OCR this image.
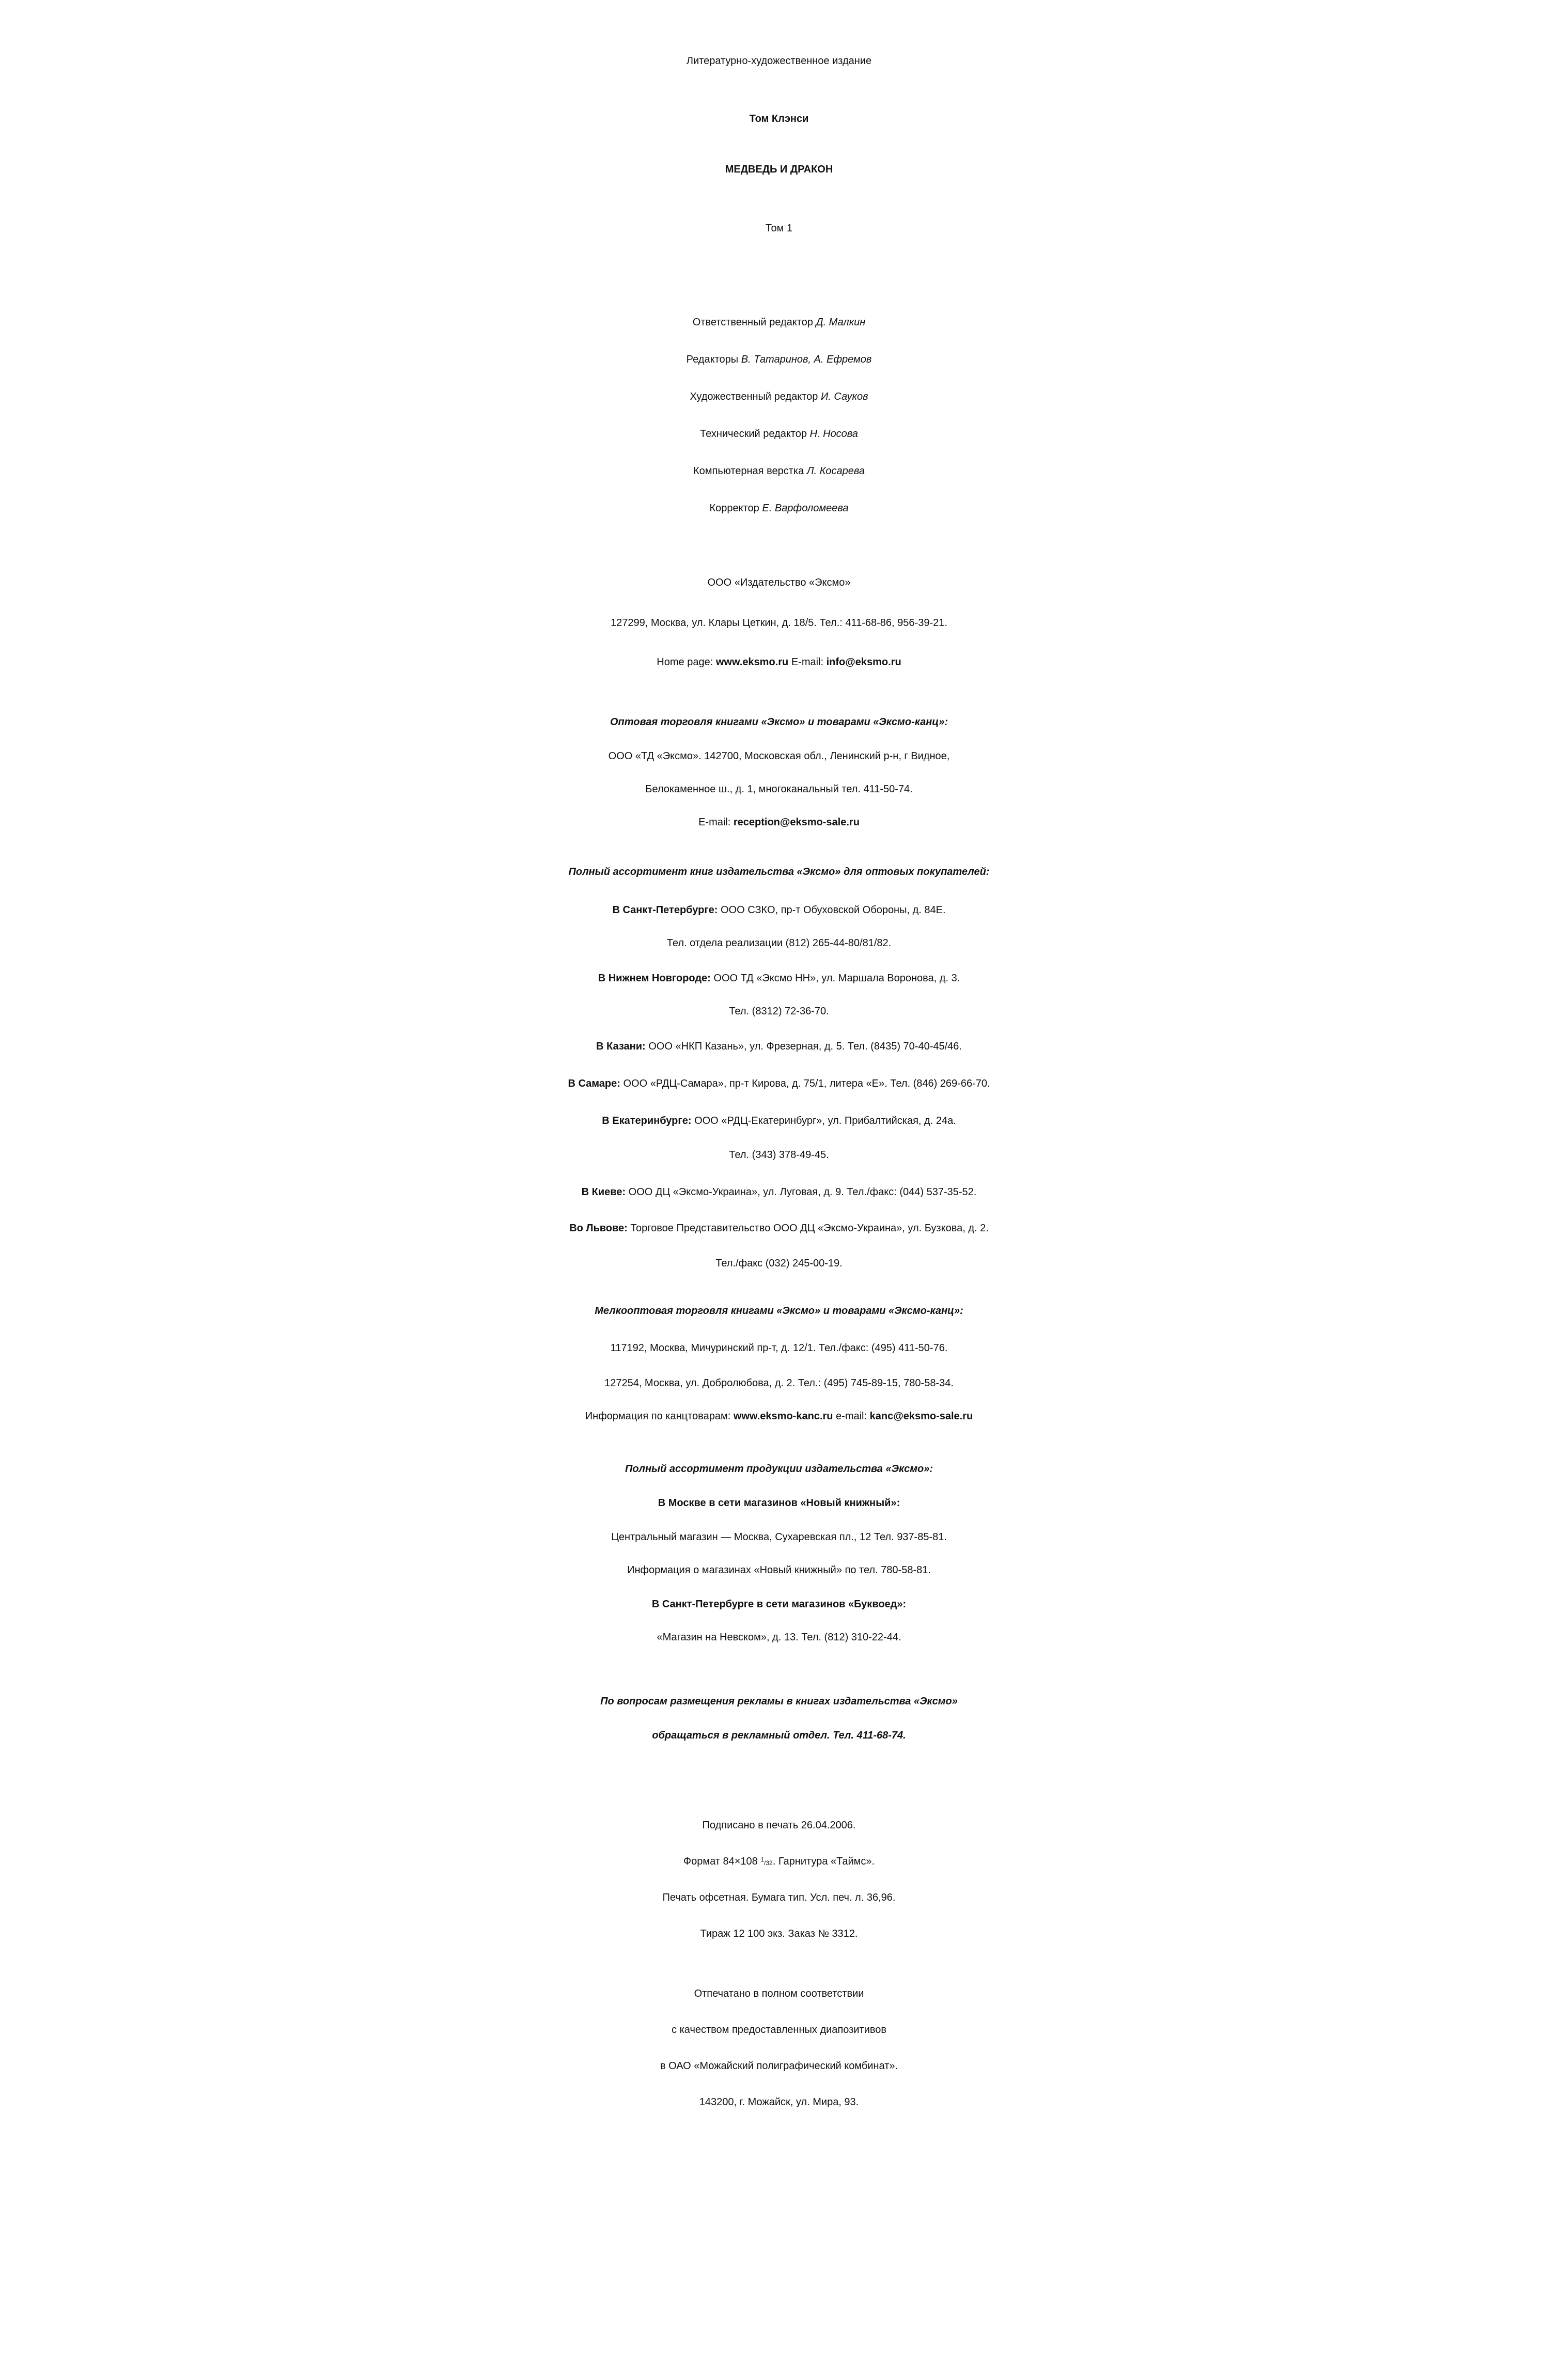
Литературно-художественное издание
Том Клэнси
МЕДВЕДЬ И ДРАКОН
Том 1
Ответственный редактор Д. Малкин
Редакторы В. Татаринов, А. Ефремов
Художественный редактор И. Сауков
Технический редактор Н. Носова
Компьютерная верстка Л. Косарева
Корректор Е. Варфоломеева
ООО «Издательство «Эксмо»
127299, Москва, ул. Клары Цеткин, д. 18/5. Тел.: 411-68-86, 956-39-21.
Home page: www.eksmo.ru E-mail: info@eksmo.ru
Оптовая торговля книгами «Эксмо» и товарами «Эксмо-канц»:
ООО «ТД «Эксмо». 142700, Московская обл., Ленинский р-н, г Видное,
Белокаменное ш., д. 1, многоканальный тел. 411-50-74.
E-mail: reception@eksmo-sale.ru
Полный ассортимент книг издательства «Эксмо» для оптовых покупателей:
В Санкт-Петербурге: ООО СЗКО, пр-т Обуховской Обороны, д. 84Е.
Тел. отдела реализации (812) 265-44-80/81/82.
В Нижнем Новгороде: ООО ТД «Эксмо НН», ул. Маршала Воронова, д. 3.
Тел. (8312) 72-36-70.
В Казани: ООО «НКП Казань», ул. Фрезерная, д. 5. Тел. (8435) 70-40-45/46.
В Самаре: ООО «РДЦ-Самара», пр-т Кирова, д. 75/1, литера «Е». Тел. (846) 269-66-70.
В Екатеринбурге: ООО «РДЦ-Екатеринбург», ул. Прибалтийская, д. 24а.
Тел. (343) 378-49-45.
В Киеве: ООО ДЦ «Эксмо-Украина», ул. Луговая, д. 9. Тел./факс: (044) 537-35-52.
Во Львове: Торговое Представительство ООО ДЦ «Эксмо-Украина», ул. Бузкова, д. 2.
Тел./факс (032) 245-00-19.
Мелкооптовая торговля книгами «Эксмо» и товарами «Эксмо-канц»:
117192, Москва, Мичуринский пр-т, д. 12/1. Тел./факс: (495) 411-50-76.
127254, Москва, ул. Добролюбова, д. 2. Тел.: (495) 745-89-15, 780-58-34.
Информация по канцтоварам: www.eksmo-kanc.ru e-mail: kanc@eksmo-sale.ru
Полный ассортимент продукции издательства «Эксмо»:
В Москве в сети магазинов «Новый книжный»:
Центральный магазин — Москва, Сухаревская пл., 12 Тел. 937-85-81.
Информация о магазинах «Новый книжный» по тел. 780-58-81.
В Санкт-Петербурге в сети магазинов «Буквоед»:
«Магазин на Невском», д. 13. Тел. (812) 310-22-44.
По вопросам размещения рекламы в книгах издательства «Эксмо»
обращаться в рекламный отдел. Тел. 411-68-74.
Подписано в печать 26.04.2006.
Формат 84×108 $^1$/32. Гарнитура «Таймс».
Печать офсетная. Бумага тип. Усл. печ. л. 36,96.
Тираж 12 100 экз. Заказ № 3312.
Отпечатано в полном соответствии
с качеством предоставленных диапозитивов
в ОАО «Можайский полиграфический комбинат».
143200, г. Можайск, ул. Мира, 93.
